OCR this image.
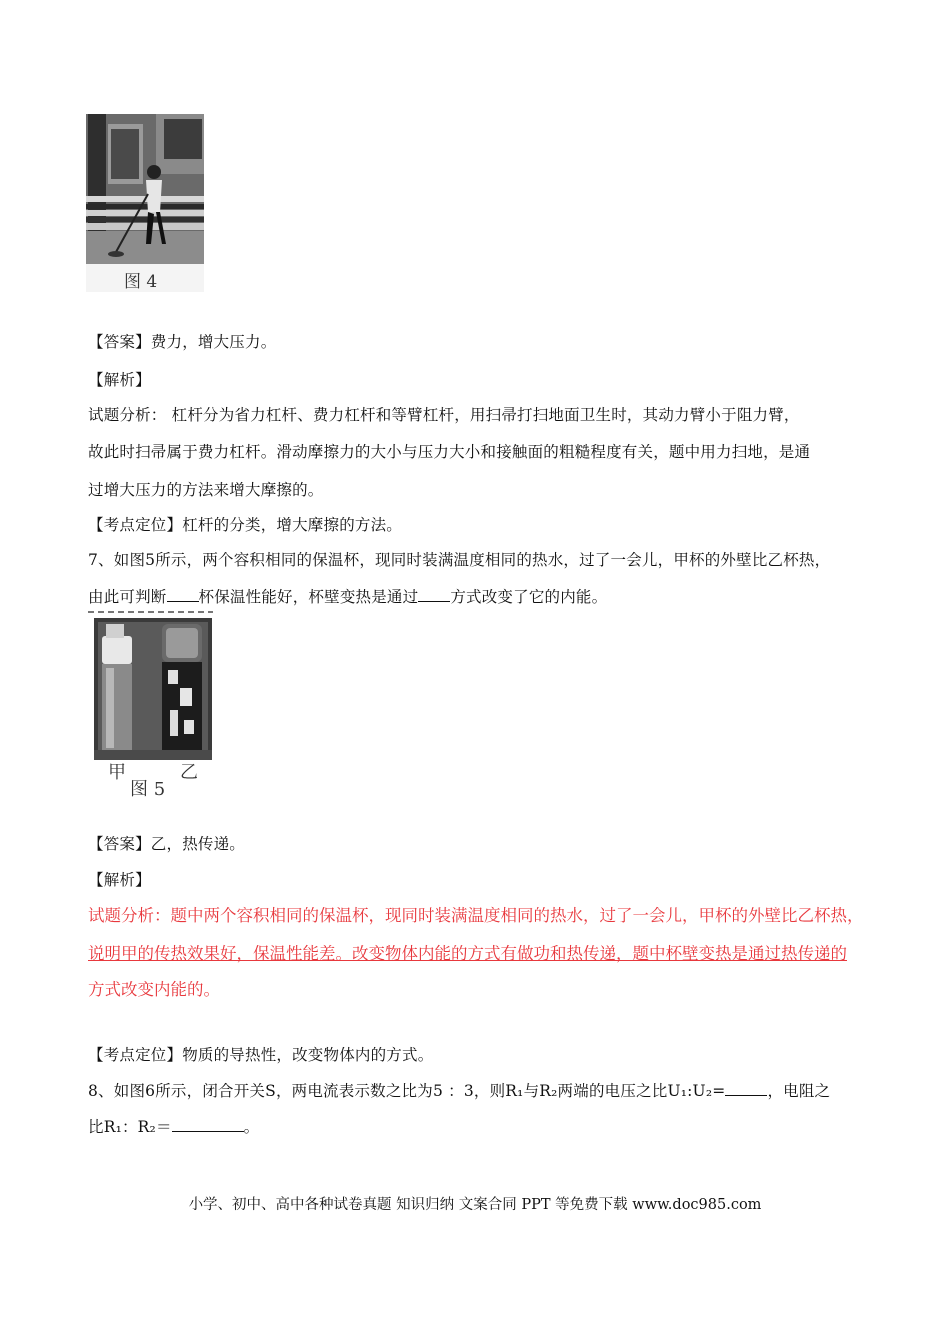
图 4
【答案】费力，增大压力。
【解析】
试题分析： 杠杆分为省力杠杆、费力杠杆和等臂杠杆，用扫帚打扫地面卫生时，其动力臂小于阻力臂，
故此时扫帚属于费力杠杆。滑动摩擦力的大小与压力大小和接触面的粗糙程度有关，题中用力扫地，是通
过增大压力的方法来增大摩擦的。
【考点定位】杠杆的分类，增大摩擦的方法。
7、如图5所示，两个容积相同的保温杯，现同时装满温度相同的热水，过了一会儿，甲杯的外壁比乙杯热，
由此可判断 杯保温性能好，杯壁变热是通过 方式改变了它的内能。
甲	乙
图 5
【答案】乙，热传递。
【解析】
试题分析：题中两个容积相同的保温杯，现同时装满温度相同的热水，过了一会儿，甲杯的外壁比乙杯热，
说明甲的传热效果好，保温性能差。改变物体内能的方式有做功和热传递，题中杯壁变热是通过热传递的
方式改变内能的。
【考点定位】物质的导热性，改变物体内的方式。
8、如图6所示，闭合开关S，两电流表示数之比为5 ：3，则R₁与R₂两端的电压之比U₁:U₂=	，电阻之
比R₁：R₂＝	。
小学、初中、高中各种试卷真题 知识归纳 文案合同 PPT 等免费下载 www.doc985.com
